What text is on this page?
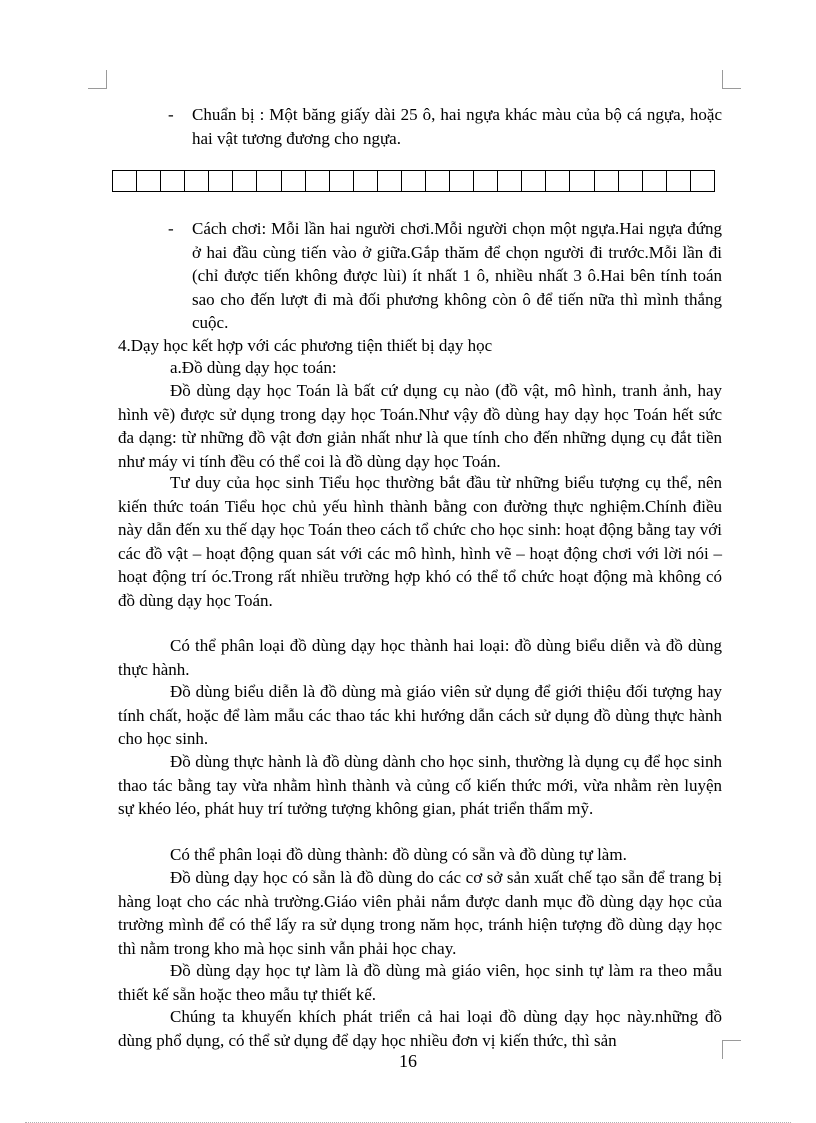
- Chuẩn bị : Một băng giấy dài 25 ô, hai ngựa khác màu của bộ cá ngựa, hoặc hai vật tương đương cho ngựa.

- Cách chơi: Mỗi lần hai người chơi.Mỗi người chọn một ngựa.Hai ngựa đứng ở hai đầu cùng tiến vào ở giữa.Gắp thăm để chọn người đi trước.Mỗi lần đi (chỉ được tiến không được lùi) ít nhất 1 ô, nhiều nhất 3 ô.Hai bên tính toán sao cho đến lượt đi mà đối phương không còn ô để tiến nữa thì mình thắng cuộc.

4.Dạy học kết hợp với các phương tiện thiết bị dạy học

a.Đồ dùng dạy học toán:

Đồ dùng dạy học Toán là bất cứ dụng cụ nào (đồ vật, mô hình, tranh ảnh, hay hình vẽ) được sử dụng trong dạy học Toán.Như vậy đồ dùng hay dạy học Toán hết sức đa dạng: từ những đồ vật đơn giản nhất như là que tính cho đến những dụng cụ đắt tiền như máy vi tính đều có thể coi là đồ dùng dạy học Toán.

Tư duy của học sinh Tiểu học thường bắt đầu từ những biểu tượng cụ thể, nên kiến thức toán Tiểu học chủ yếu hình thành bằng con đường thực nghiệm.Chính điều này dẫn đến xu thế dạy học Toán theo cách tổ chức cho học sinh: hoạt động bằng tay với các đồ vật – hoạt động quan sát với các mô hình, hình vẽ – hoạt động chơi với lời nói – hoạt động trí óc.Trong rất nhiều trường hợp khó có thể tổ chức hoạt động mà không có đồ dùng dạy học Toán.

Có thể phân loại đồ dùng dạy học thành hai loại: đồ dùng biểu diễn và đồ dùng thực hành.

Đồ dùng biểu diễn là đồ dùng mà giáo viên sử dụng để giới thiệu đối tượng hay tính chất, hoặc để làm mẫu các thao tác khi hướng dẫn cách sử dụng đồ dùng thực hành cho học sinh.

Đồ dùng thực hành là đồ dùng dành cho học sinh, thường là dụng cụ để học sinh thao tác bằng tay vừa nhằm hình thành và củng cố kiến thức mới, vừa nhằm rèn luyện sự khéo léo, phát huy trí tưởng tượng không gian, phát triển thẩm mỹ.

Có thể phân loại đồ dùng thành: đồ dùng có sẵn và đồ dùng tự làm.

Đồ dùng dạy học có sẵn là đồ dùng do các cơ sở sản xuất chế tạo sẵn để trang bị hàng loạt cho các nhà trường.Giáo viên phải nắm được danh mục đồ dùng dạy học của trường mình để có thể lấy ra sử dụng trong năm học, tránh hiện tượng đồ dùng dạy học thì nằm trong kho mà học sinh vẫn phải học chay.

Đồ dùng dạy học tự làm là đồ dùng mà giáo viên, học sinh tự làm ra theo mẫu thiết kế sẵn hoặc theo mẫu tự thiết kế.

Chúng ta khuyến khích phát triển cả hai loại đồ dùng dạy học này.những đồ dùng phổ dụng, có thể sử dụng để dạy học nhiều đơn vị kiến thức, thì sản

16
